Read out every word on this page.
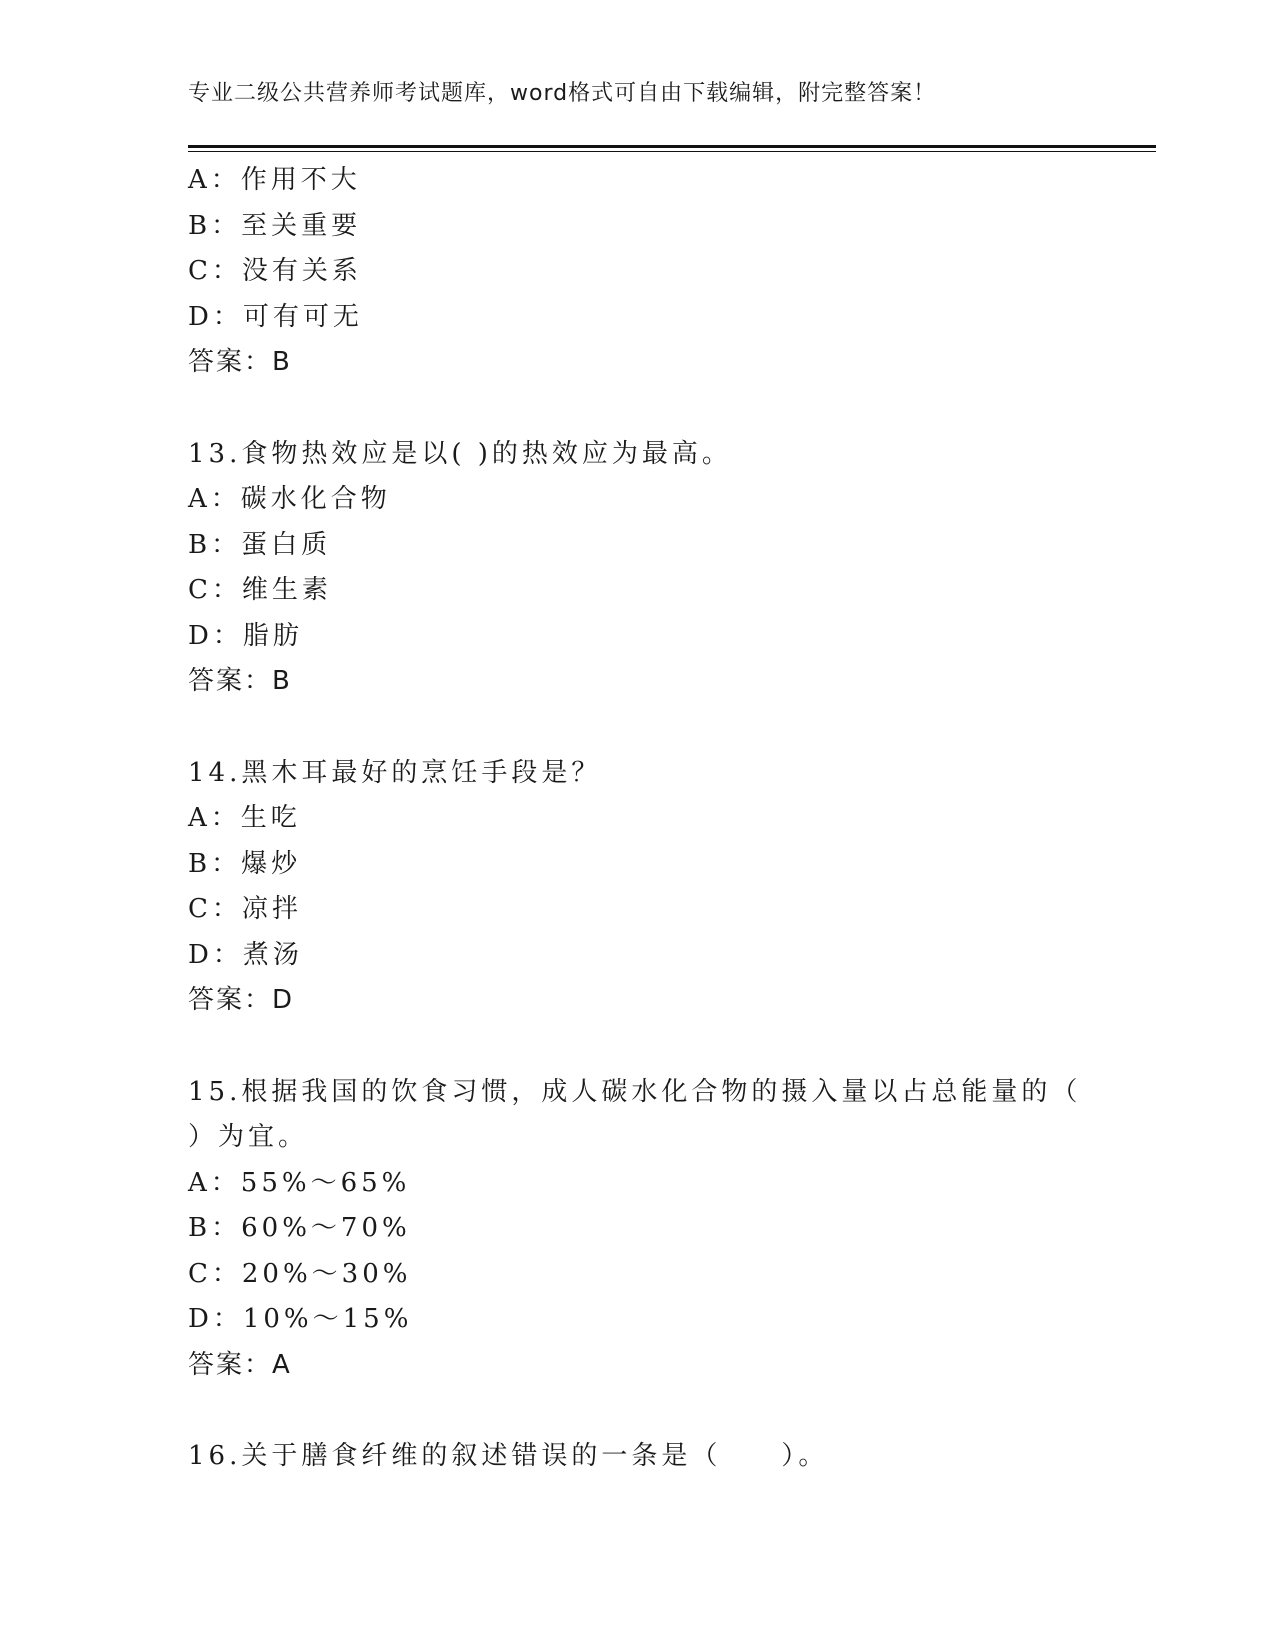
专业二级公共营养师考试题库，word格式可自由下载编辑，附完整答案！
A：作用不大
B：至关重要
C：没有关系
D：可有可无
答案：B
13.食物热效应是以( )的热效应为最高。
A：碳水化合物
B：蛋白质
C：维生素
D：脂肪
答案：B
14.黑木耳最好的烹饪手段是？
A：生吃
B：爆炒
C：凉拌
D：煮汤
答案：D
15.根据我国的饮食习惯，成人碳水化合物的摄入量以占总能量的（
）为宜。
A：55%～65%
B：60%～70%
C：20%～30%
D：10%～15%
答案：A
16.关于膳食纤维的叙述错误的一条是（　　）。
